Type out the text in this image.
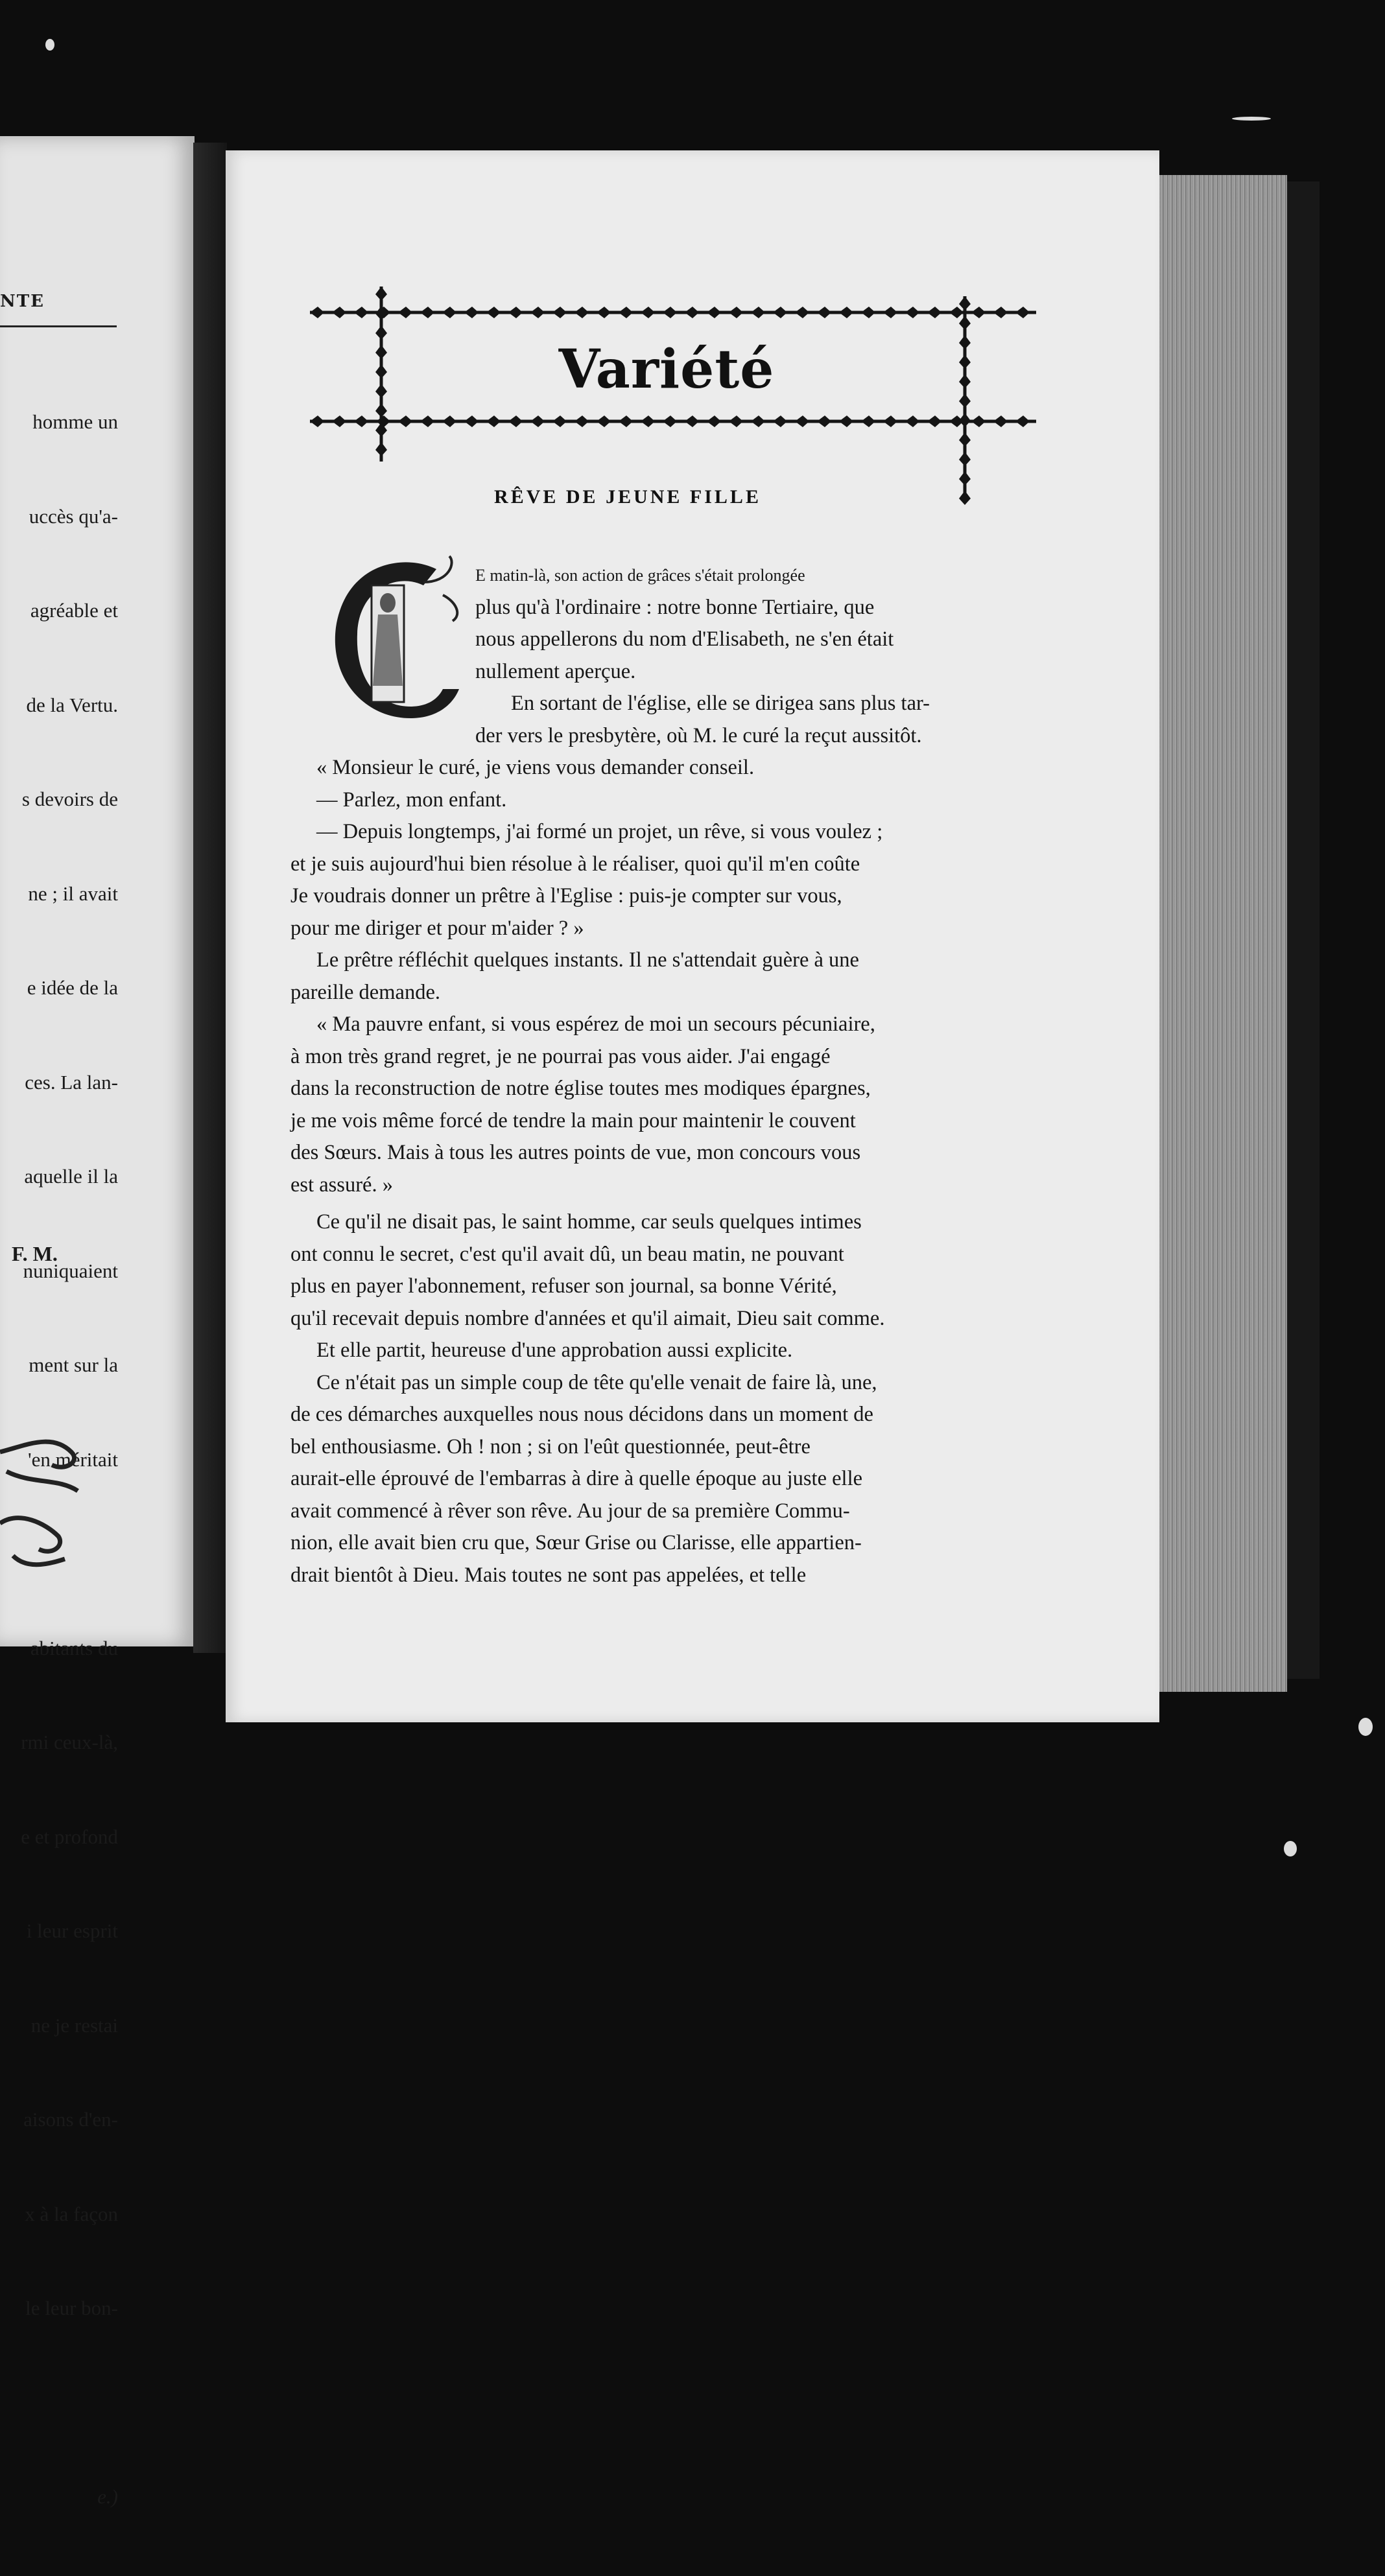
NTE

homme un

uccès qu'a-

agréable et

de la Vertu.

s devoirs de

ne ; il avait

e idée de la

ces. La lan-

aquelle il la

nuniquaient

ment sur la

'en méritait

abitants du

rmi ceux-là,

e et profond

i leur esprit

ne je restai

aisons d'en-

x à la façon

le leur bon-

e.)

F. M.
Variété
RÊVE DE JEUNE FILLE
E matin-là, son action de grâces s'était prolongée
plus qu'à l'ordinaire : notre bonne Tertiaire, que
nous appellerons du nom d'Elisabeth, ne s'en était
nullement aperçue.
En sortant de l'église, elle se dirigea sans plus tar-
der vers le presbytère, où M. le curé la reçut aussitôt.
« Monsieur le curé, je viens vous demander conseil.
— Parlez, mon enfant.
— Depuis longtemps, j'ai formé un projet, un rêve, si vous voulez ;
et je suis aujourd'hui bien résolue à le réaliser, quoi qu'il m'en coûte
Je voudrais donner un prêtre à l'Eglise : puis-je compter sur vous,
pour me diriger et pour m'aider ? »
Le prêtre réfléchit quelques instants. Il ne s'attendait guère à une
pareille demande.
« Ma pauvre enfant, si vous espérez de moi un secours pécuniaire,
à mon très grand regret, je ne pourrai pas vous aider. J'ai engagé
dans la reconstruction de notre église toutes mes modiques épargnes,
je me vois même forcé de tendre la main pour maintenir le couvent
des Sœurs. Mais à tous les autres points de vue, mon concours vous
est assuré. »
Ce qu'il ne disait pas, le saint homme, car seuls quelques intimes
ont connu le secret, c'est qu'il avait dû, un beau matin, ne pouvant
plus en payer l'abonnement, refuser son journal, sa bonne Vérité,
qu'il recevait depuis nombre d'années et qu'il aimait, Dieu sait comme.
Et elle partit, heureuse d'une approbation aussi explicite.
Ce n'était pas un simple coup de tête qu'elle venait de faire là, une,
de ces démarches auxquelles nous nous décidons dans un moment de
bel enthousiasme. Oh ! non ; si on l'eût questionnée, peut-être
aurait-elle éprouvé de l'embarras à dire à quelle époque au juste elle
avait commencé à rêver son rêve. Au jour de sa première Commu-
nion, elle avait bien cru que, Sœur Grise ou Clarisse, elle appartien-
drait bientôt à Dieu. Mais toutes ne sont pas appelées, et telle
